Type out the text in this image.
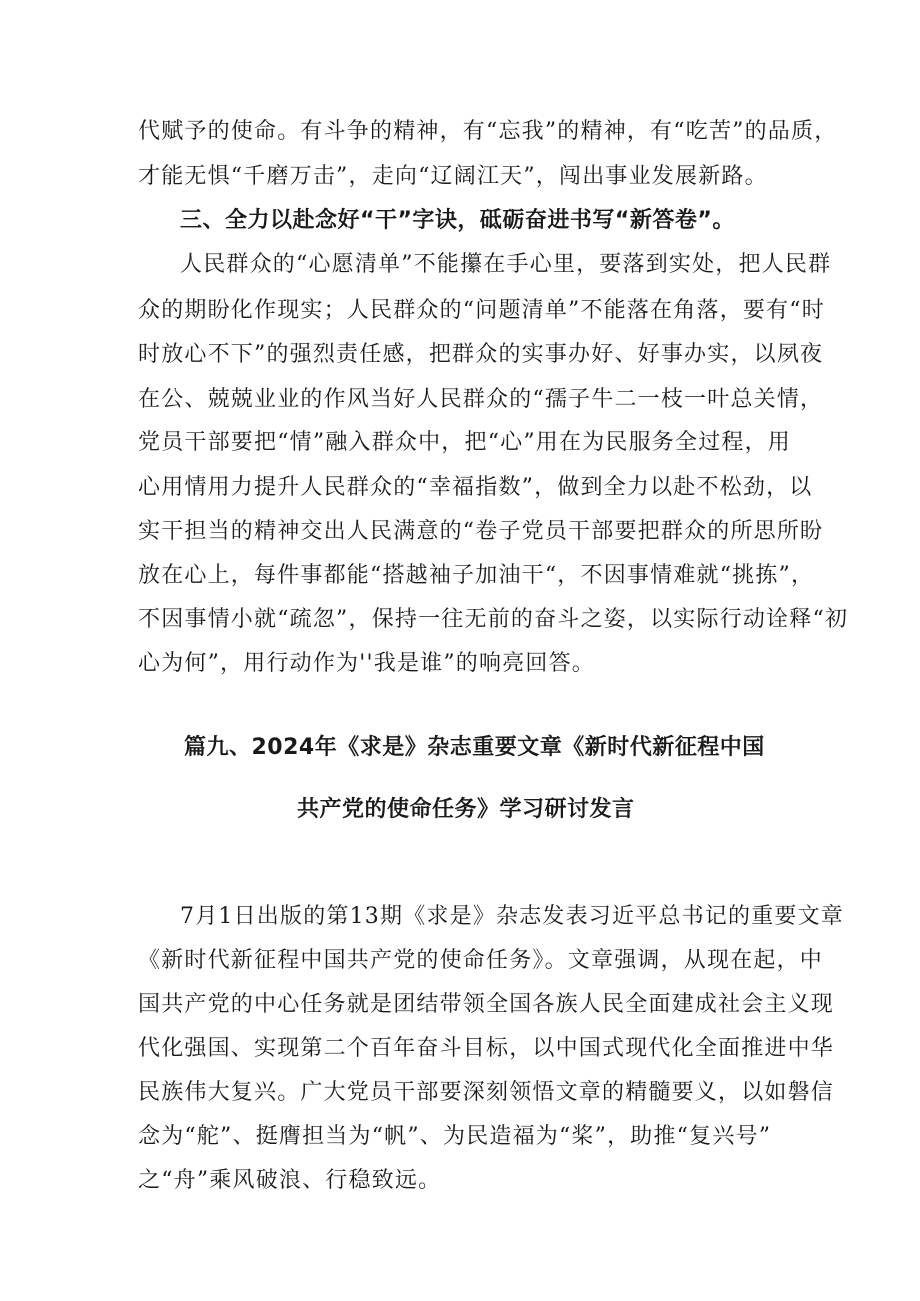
代赋予的使命。有斗争的精神，有“忘我”的精神，有“吃苦”的品质，
才能无惧“千磨万击”，走向“辽阔江天”，闯出事业发展新路。
三、全力以赴念好“干”字诀，砥砺奋进书写“新答卷”。
人民群众的“心愿清单”不能攥在手心里，要落到实处，把人民群
众的期盼化作现实；人民群众的“问题清单”不能落在角落，要有“时
时放心不下”的强烈责任感，把群众的实事办好、好事办实，以夙夜
在公、兢兢业业的作风当好人民群众的“孺子牛二一枝一叶总关情，
党员干部要把“情”融入群众中，把“心”用在为民服务全过程，用
心用情用力提升人民群众的“幸福指数”，做到全力以赴不松劲，以
实干担当的精神交出人民满意的“卷子党员干部要把群众的所思所盼
放在心上，每件事都能“搭越袖子加油干“，不因事情难就“挑拣”，
不因事情小就“疏忽”，保持一往无前的奋斗之姿，以实际行动诠释“初
心为何”，用行动作为''我是谁”的响亮回答。
篇九、2024年《求是》杂志重要文章《新时代新征程中国
共产党的使命任务》学习研讨发言
7月1日出版的第13期《求是》杂志发表习近平总书记的重要文章
《新时代新征程中国共产党的使命任务》。文章强调，从现在起，中
国共产党的中心任务就是团结带领全国各族人民全面建成社会主义现
代化强国、实现第二个百年奋斗目标，以中国式现代化全面推进中华
民族伟大复兴。广大党员干部要深刻领悟文章的精髓要义，以如磐信
念为“舵”、挺膺担当为“帆”、为民造福为“桨”，助推“复兴号”
之“舟”乘风破浪、行稳致远。
